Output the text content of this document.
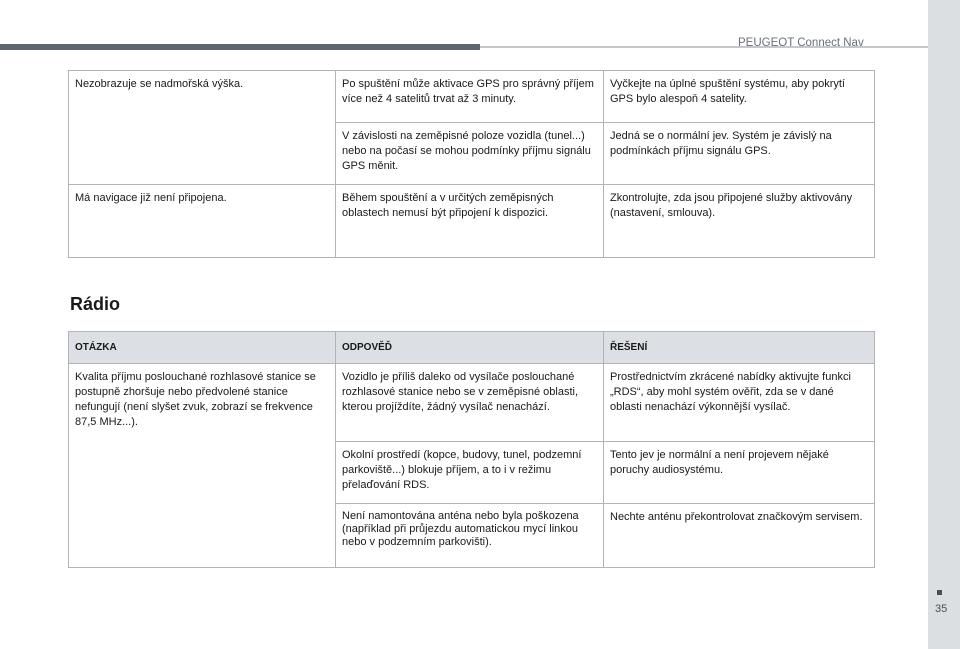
PEUGEOT Connect Nav
Nezobrazuje se nadmořská výška.	Po spuštění může aktivace GPS pro správný příjem více než 4 satelitů trvat až 3 minuty.	Vyčkejte na úplné spuštění systému, aby pokrytí GPS bylo alespoň 4 satelity.
	V závislosti na zeměpisné poloze vozidla (tunel...) nebo na počasí se mohou podmínky příjmu signálu GPS měnit.	Jedná se o normální jev. Systém je závislý na podmínkách příjmu signálu GPS.
Má navigace již není připojena.	Během spouštění a v určitých zeměpisných oblastech nemusí být připojení k dispozici.	Zkontrolujte, zda jsou připojené služby aktivovány (nastavení, smlouva).
Rádio
OTÁZKA	ODPOVĚĎ	ŘEŠENÍ
Kvalita příjmu poslouchané rozhlasové stanice se postupně zhoršuje nebo předvolené stanice nefungují (není slyšet zvuk, zobrazí se frekvence 87,5 MHz...).	Vozidlo je příliš daleko od vysílače poslouchané rozhlasové stanice nebo se v zeměpisné oblasti, kterou projíždíte, žádný vysílač nenachází.	Prostřednictvím zkrácené nabídky aktivujte funkci „RDS“, aby mohl systém ověřit, zda se v dané oblasti nenachází výkonnější vysílač.
	Okolní prostředí (kopce, budovy, tunel, podzemní parkoviště...) blokuje příjem, a to i v režimu přelaďování RDS.	Tento jev je normální a není projevem nějaké poruchy audiosystému.
	Není namontována anténa nebo byla poškozena (například při průjezdu automatickou mycí linkou nebo v podzemním parkovišti).	Nechte anténu překontrolovat značkovým servisem.
35
